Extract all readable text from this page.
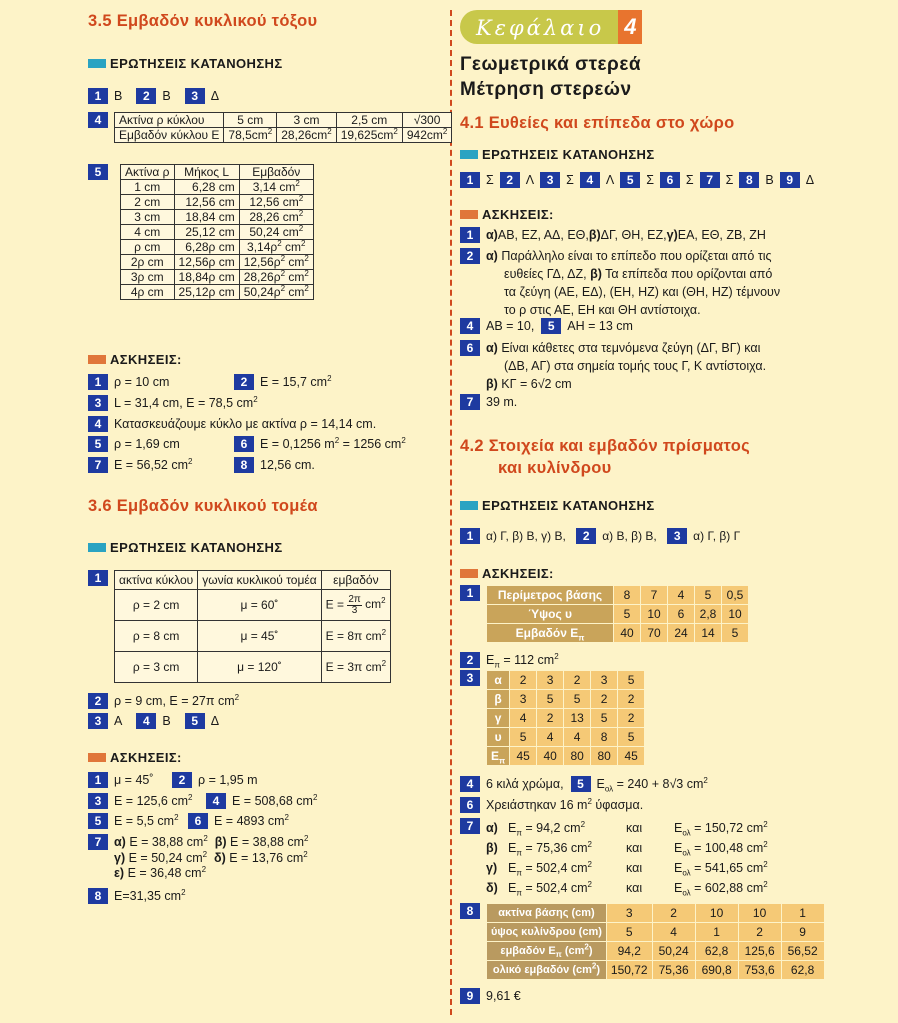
3.5 Εμβαδόν κυκλικού τόξου
ΕΡΩΤΗΣΕΙΣ ΚΑΤΑΝΟΗΣΗΣ
1	Β	2	Β	3	Δ
4	Ακτίνα ρ κύκλου	5 cm	3 cm	2,5 cm	√300
Εμβαδόν κύκλου Ε	$78,5cm^2$	$28,26cm^2$	$19,625cm^2$	$942cm^2$
5	Ακτίνα ρ	Μήκος L	Εμβαδόν
1 cm	6,28 cm	3,14 $cm^2$
2 cm	12,56 cm	12,56 $cm^2$
3 cm	18,84 cm	28,26 $cm^2$
4 cm	25,12 cm	50,24 $cm^2$
ρ cm	6,28ρ cm	$3,14\rho^2$ $cm^2$
2ρ cm	12,56ρ cm	$12,56\rho^2$ $cm^2$
3ρ cm	18,84ρ cm	$28,26\rho^2$ $cm^2$
4ρ cm	25,12ρ cm	$50,24\rho^2$ $cm^2$
ΑΣΚΗΣΕΙΣ:
1	ρ = 10 cm	2	Ε = 15,7 $cm^2$
3	L = 31,4 cm, Ε = 78,5 $cm^2$
4	Κατασκευάζουμε κύκλο με ακτίνα ρ = 14,14 cm.
5	ρ = 1,69 cm	6	Ε = 0,1256 $m^2 = 1256$ $cm^2$
7	Ε = 56,52 $cm^2$	8	12,56 cm.
3.6 Εμβαδόν κυκλικού τομέα
ΕΡΩΤΗΣΕΙΣ ΚΑΤΑΝΟΗΣΗΣ
1	ακτίνα κύκλου	γωνία κυκλικού τομέα	εμβαδόν
ρ = 2 cm	μ = 60˚	$E = \frac{2\pi}{3} cm^2$
ρ = 8 cm	μ = 45˚	Ε = 8π $cm^2$
ρ = 3 cm	μ = 120˚	Ε = 3π $cm^2$
2	ρ = 9 cm, Ε = 27π $cm^2$
3	Α	4	Β	5	Δ
ΑΣΚΗΣΕΙΣ:
1	μ = 45˚	2	ρ = 1,95 m
3	Ε = 125,6 $cm^2$	4	Ε = 508,68 $cm^2$
5	Ε = 5,5 $cm^2$	6	Ε = 4893 $cm^2$
7	α)
Ε = 38,88 $cm^2$
β)
Ε = 38,88 $cm^2$
γ)
Ε = 50,24 $cm^2$
δ)
Ε = 13,76 $cm^2$
ε)
Ε = 36,48 $cm^2$
8	Ε=31,35 $cm^2$
Κεφάλαιο 4
Γεωμετρικά στερεά
Μέτρηση στερεών
4.1 Ευθείες και επίπεδα στο χώρο
ΕΡΩΤΗΣΕΙΣ ΚΑΤΑΝΟΗΣΗΣ
1	Σ	2	Λ	3	Σ	4	Λ	5	Σ	6	Σ	7	Σ	8	Β	9	Δ
ΑΣΚΗΣΕΙΣ:
1	α) ΑΒ, ΕΖ, ΑΔ, ΕΘ, β) ΔΓ, ΘΗ, ΕΖ, γ) ΕΑ, ΕΘ, ΖΒ, ΖΗ
2	α)
Παράλληλο είναι το επίπεδο που ορίζεται από τις
ευθείες ΓΔ, ΔΖ, β) Τα επίπεδα που ορίζονται από
τα ζεύγη (ΑΕ, ΕΔ), (ΕΗ, ΗΖ) και (ΘΗ, ΗΖ) τέμνουν
το ρ στις ΑΕ, ΕΗ και ΘΗ αντίστοιχα.
4	ΑΒ = 10,
	5	ΑΗ = 13 cm
6	α)
Είναι κάθετες στα τεμνόμενα ζεύγη (ΔΓ, ΒΓ) και
(ΔΒ, ΑΓ) στα σημεία τομής τους Γ, Κ αντίστοιχα.
β) ΚΓ = 6√2 cm
7	39 m.
4.2 Στοιχεία και εμβαδόν πρίσματος
και κυλίνδρου
ΕΡΩΤΗΣΕΙΣ ΚΑΤΑΝΟΗΣΗΣ
1	α) Γ, β) Β, γ) Β,
	2	α) Β, β) Β,
	3	α) Γ, β) Γ
ΑΣΚΗΣΕΙΣ:
1	Περίμετρος βάσης	8	7	4	5	0,5
Ύψος υ	5	10	6	2,8	10
Εμβαδόν $E_\pi$	40	70	24	14	5
2	$E_\pi = 112$ $cm^2$
3	α	2	3	2	3	5
β	3	5	5	2	2
γ	4	2	13	5	2
υ	5	4	4	8	5
$E_\pi$	45	40	80	80	45
4	6 κιλά χρώμα,
	5	$E_{o\lambda} = 240 + 8√3$ $cm^2$
6	Χρειάστηκαν 16 $m^2$ ύφασμα.
7	α) $E_\pi = 94,2$ $cm^2$	και	$E_{o\lambda} = 150,72$ $cm^2$
β) $E_\pi = 75,36$ $cm^2$	και	$E_{o\lambda} = 100,48$ $cm^2$
γ) $E_\pi = 502,4$ $cm^2$	και	$E_{o\lambda} = 541,65$ $cm^2$
δ) $E_\pi = 502,4$ $cm^2$	και	$E_{o\lambda} = 602,88$ $cm^2$
8	ακτίνα βάσης (cm)	3	2	10	10	1
ύψος κυλίνδρου (cm)	5	4	1	2	9
εμβαδόν $E_\pi$ $(cm^2)$	94,2	50,24	62,8	125,6	56,52
ολικό εμβαδόν $(cm^2)$	150,72	75,36	690,8	753,6	62,8
9	9,61 €
